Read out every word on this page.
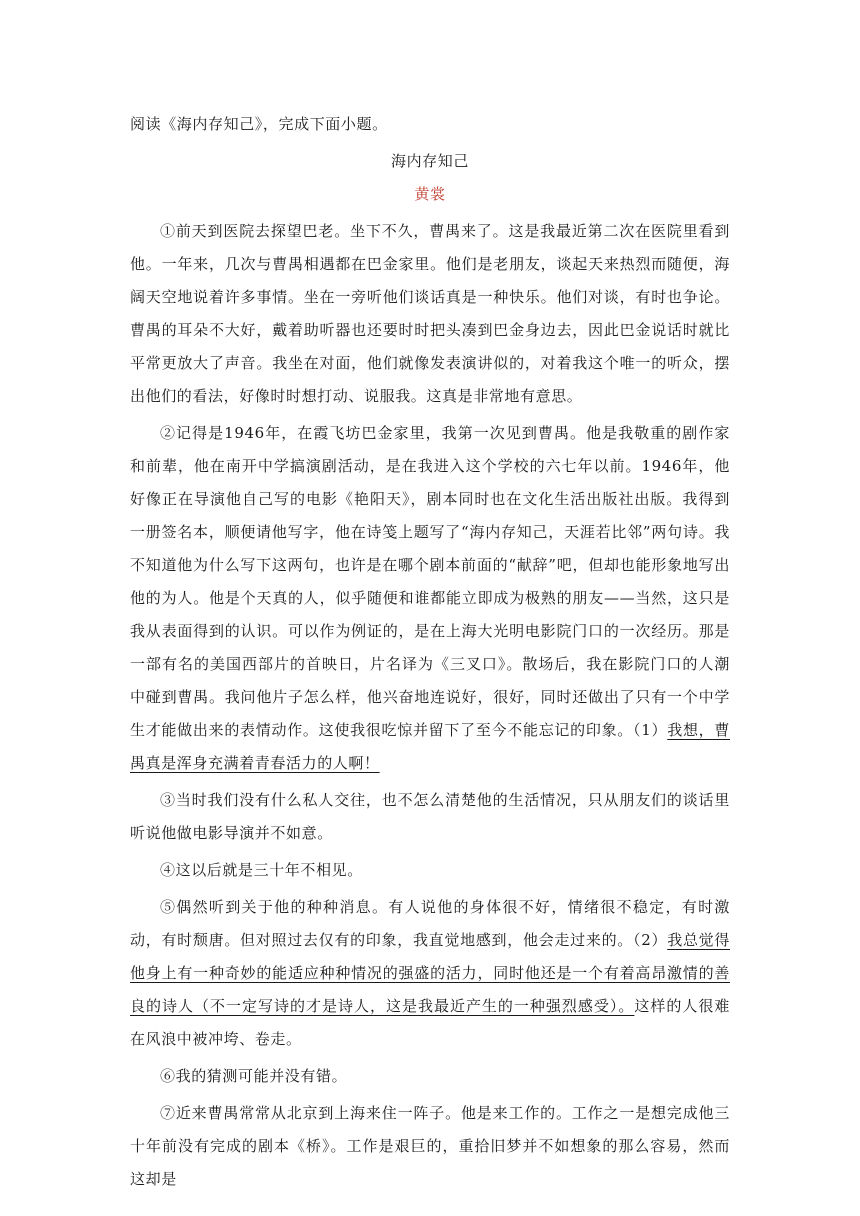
阅读《海内存知己》，完成下面小题。

海内存知己

黄裳

①前天到医院去探望巴老。坐下不久，曹禺来了。这是我最近第二次在医院里看到他。一年来，几次与曹禺相遇都在巴金家里。他们是老朋友，谈起天来热烈而随便，海阔天空地说着许多事情。坐在一旁听他们谈话真是一种快乐。他们对谈，有时也争论。曹禺的耳朵不大好，戴着助听器也还要时时把头凑到巴金身边去，因此巴金说话时就比平常更放大了声音。我坐在对面，他们就像发表演讲似的，对着我这个唯一的听众，摆出他们的看法，好像时时想打动、说服我。这真是非常地有意思。

②记得是1946年，在霞飞坊巴金家里，我第一次见到曹禺。他是我敬重的剧作家和前辈，他在南开中学搞演剧活动，是在我进入这个学校的六七年以前。1946年，他好像正在导演他自己写的电影《艳阳天》，剧本同时也在文化生活出版社出版。我得到一册签名本，顺便请他写字，他在诗笺上题写了“海内存知己，天涯若比邻”两句诗。我不知道他为什么写下这两句，也许是在哪个剧本前面的“献辞”吧，但却也能形象地写出他的为人。他是个天真的人，似乎随便和谁都能立即成为极熟的朋友——当然，这只是我从表面得到的认识。可以作为例证的，是在上海大光明电影院门口的一次经历。那是一部有名的美国西部片的首映日，片名译为《三叉口》。散场后，我在影院门口的人潮中碰到曹禺。我问他片子怎么样，他兴奋地连说好，很好，同时还做出了只有一个中学生才能做出来的表情动作。这使我很吃惊并留下了至今不能忘记的印象。（1）我想，曹禺真是浑身充满着青春活力的人啊！

③当时我们没有什么私人交往，也不怎么清楚他的生活情况，只从朋友们的谈话里听说他做电影导演并不如意。

④这以后就是三十年不相见。

⑤偶然听到关于他的种种消息。有人说他的身体很不好，情绪很不稳定，有时激动，有时颓唐。但对照过去仅有的印象，我直觉地感到，他会走过来的。（2）我总觉得他身上有一种奇妙的能适应种种情况的强盛的活力，同时他还是一个有着高昂激情的善良的诗人（不一定写诗的才是诗人，这是我最近产生的一种强烈感受）。这样的人很难在风浪中被冲垮、卷走。

⑥我的猜测可能并没有错。

⑦近来曹禺常常从北京到上海来住一阵子。他是来工作的。工作之一是想完成他三十年前没有完成的剧本《桥》。工作是艰巨的，重拾旧梦并不如想象的那么容易，然而这却是
